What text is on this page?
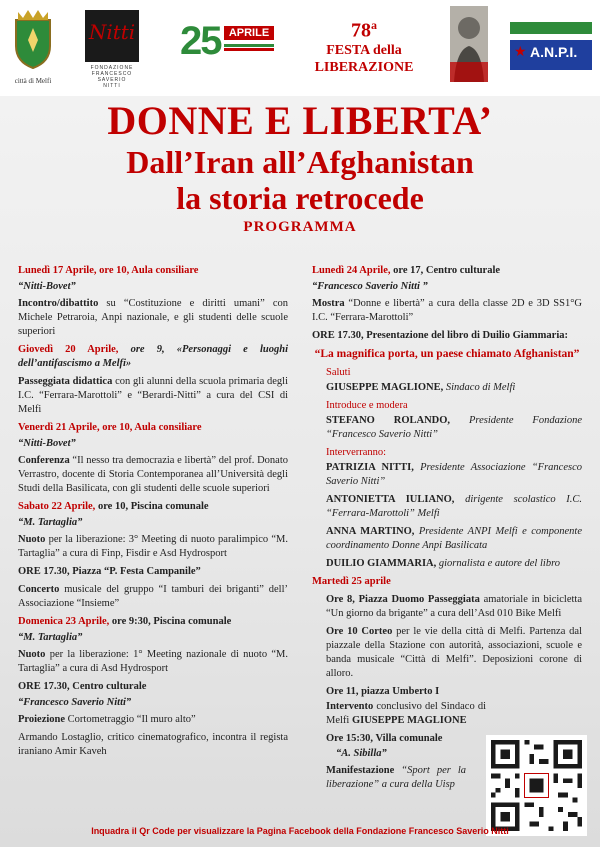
città di Melfi
Nitti
FONDAZIONE
FRANCESCO
SAVERIO
NITTI
25 APRILE	78$^a$
FESTA della
LIBERAZIONE
★ A.N.P.I.
DONNE E LIBERTA’
Dall’Iran all’Afghanistan
la storia retrocede
PROGRAMMA

Lunedì 17 Aprile, ore 10, Aula consiliare

“Nitti-Bovet”

Incontro/dibattito su “Costituzione e diritti umani” con Michele Petraroia, Anpi nazionale, e gli studenti delle scuole superiori

Giovedì 20 Aprile, ore 9, «Personaggi e luoghi dell’antifascismo a Melfi»

Passeggiata didattica con gli alunni della scuola primaria degli I.C. “Ferrara-Marottoli” e “Berardi-Nitti” a cura del CSI di Melfi

Venerdì 21 Aprile, ore 10, Aula consiliare

“Nitti-Bovet”

Conferenza “Il nesso tra democrazia e libertà” del prof. Donato Verrastro, docente di Storia Contemporanea all’Università degli Studi della Basilicata, con gli studenti delle scuole superiori

Sabato 22 Aprile, ore 10, Piscina comunale

“M. Tartaglia”

Nuoto per la liberazione: 3° Meeting di nuoto paralimpico “M. Tartaglia” a cura di Finp, Fisdir e Asd Hydrosport

ORE 17.30, Piazza “P. Festa Campanile”

Concerto musicale del gruppo “I tamburi dei briganti” dell’ Associazione “Insieme”

Domenica 23 Aprile, ore 9:30, Piscina comunale

“M. Tartaglia”

Nuoto per la liberazione: 1° Meeting nazionale di nuoto “M. Tartaglia” a cura di Asd Hydrosport

ORE 17.30, Centro culturale

“Francesco Saverio Nitti”

Proiezione Cortometraggio “Il muro alto”

Armando Lostaglio, critico cinematografico, incontra il regista iraniano Amir Kaveh

Lunedì 24 Aprile, ore 17, Centro culturale

“Francesco Saverio Nitti ”

Mostra “Donne e libertà” a cura della classe 2D e 3D SS1°G I.C. “Ferrara-Marottoli”

ORE 17.30, Presentazione del libro di Duilio Giammaria:

“La magnifica porta, un paese chiamato Afghanistan”

Saluti

GIUSEPPE MAGLIONE, Sindaco di Melfi

Introduce e modera

STEFANO ROLANDO, Presidente Fondazione “Francesco Saverio Nitti”

Interverranno:

PATRIZIA NITTI, Presidente Associazione “Francesco Saverio Nitti”

ANTONIETTA IULIANO, dirigente scolastico I.C. “Ferrara-Marottoli” Melfi

ANNA MARTINO, Presidente ANPI Melfi e componente coordinamento Donne Anpi Basilicata

DUILIO GIAMMARIA, giornalista e autore del libro

Martedì 25 aprile

Ore 8, Piazza Duomo Passeggiata amatoriale in bicicletta “Un giorno da brigante” a cura dell’Asd 010 Bike Melfi

Ore 10 Corteo per le vie della città di Melfi. Partenza dal piazzale della Stazione con autorità, associazioni, scuole e banda musicale “Città di Melfi”. Deposizioni corone di alloro.

Ore 11, piazza Umberto I

Intervento conclusivo del Sindaco di Melfi GIUSEPPE MAGLIONE

Ore 15:30, Villa comunale

“A. Sibilla”

Manifestazione “Sport per la liberazione” a cura della Uisp

Inquadra il Qr Code per visualizzare la Pagina Facebook della Fondazione Francesco Saverio Nitti
